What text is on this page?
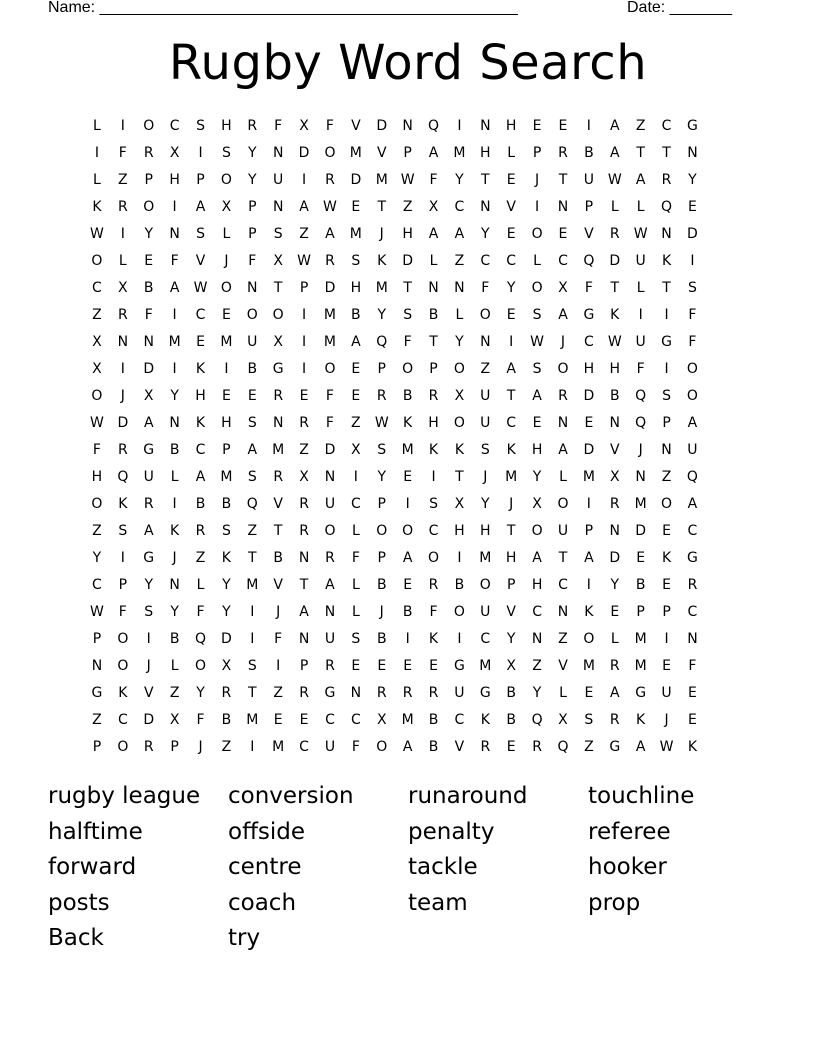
Name: _______________________________________________	Date: _______
Rugby Word Search
L	I	O	C	S	H	R	F	X	F	V	D	N	Q	I	N	H	E	E	I	A	Z	C	G
I	F	R	X	I	S	Y	N	D	O	M	V	P	A	M	H	L	P	R	B	A	T	T	N
L	Z	P	H	P	O	Y	U	I	R	D	M W	F	Y	T	E	J	T	U W	A	R	Y
K	R	O	I	A	X	P	N	A	W	E	T	Z	X	C	N	V	I	N	P	L	L	Q	E
W	I	Y	N	S	L	P	S	Z	A	M	J	H	A	A	Y	E	O	E	V	R	W N	D
O	L	E	F	V	J	F	X	W	R	S	K	D	L	Z	C	C	L	C	Q	D	U	K	I
C	X	B	A	W O	N	T	P	D	H	M	T	N	N	F	Y	O	X	F	T	L	T	S
Z	R	F	I	C	E	O	O	I	M	B	Y	S	B	L	O	E	S	A	G	K	I	I	F
X	N	N	M	E	M	U	X	I	M	A	Q	F	T	Y	N	I	W	J	C	W U	G	F
X	I	D	I	K	I	B	G	I	O	E	P	O	P	O	Z	A	S	O	H	H	F	I	O
O	J	X	Y	H	E	E	R	E	F	E	R	B	R	X	U	T	A	R	D	B	Q	S	O
W D	A	N	K	H	S	N	R	F	Z	W	K	H	O	U	C	E	N	E	N	Q	P	A
F	R	G	B	C	P	A	M	Z	D	X	S	M	K	K	S	K	H	A	D	V	J	N	U
H	Q	U	L	A	M	S	R	X	N	I	Y	E	I	T	J	M	Y	L	M	X	N	Z	Q
O	K	R	I	B	B	Q	V	R	U	C	P	I	S	X	Y	J	X	O	I	R	M	O	A
Z	S	A	K	R	S	Z	T	R	O	L	O	O	C	H	H	T	O	U	P	N	D	E	C
Y	I	G	J	Z	K	T	B	N	R	F	P	A	O	I	M	H	A	T	A	D	E	K	G
C	P	Y	N	L	Y	M	V	T	A	L	B	E	R	B	O	P	H	C	I	Y	B	E	R
W	F	S	Y	F	Y	I	J	A	N	L	J	B	F	O	U	V	C	N	K	E	P	P	C
P	O	I	B	Q	D	I	F	N	U	S	B	I	K	I	C	Y	N	Z	O	L	M	I	N
N	O	J	L	O	X	S	I	P	R	E	E	E	E	G	M	X	Z	V	M	R	M	E	F
G	K	V	Z	Y	R	T	Z	R	G	N	R	R	R	U	G	B	Y	L	E	A	G	U	E
Z	C	D	X	F	B	M	E	E	C	C	X	M	B	C	K	B	Q	X	S	R	K	J	E
P	O	R	P	J	Z	I	M	C	U	F	O	A	B	V	R	E	R	Q	Z	G	A	W	K
rugby league	conversion	runaround	touchline
halftime	offside	penalty	referee
forward	centre	tackle	hooker
posts	coach	team	prop
Back	try
